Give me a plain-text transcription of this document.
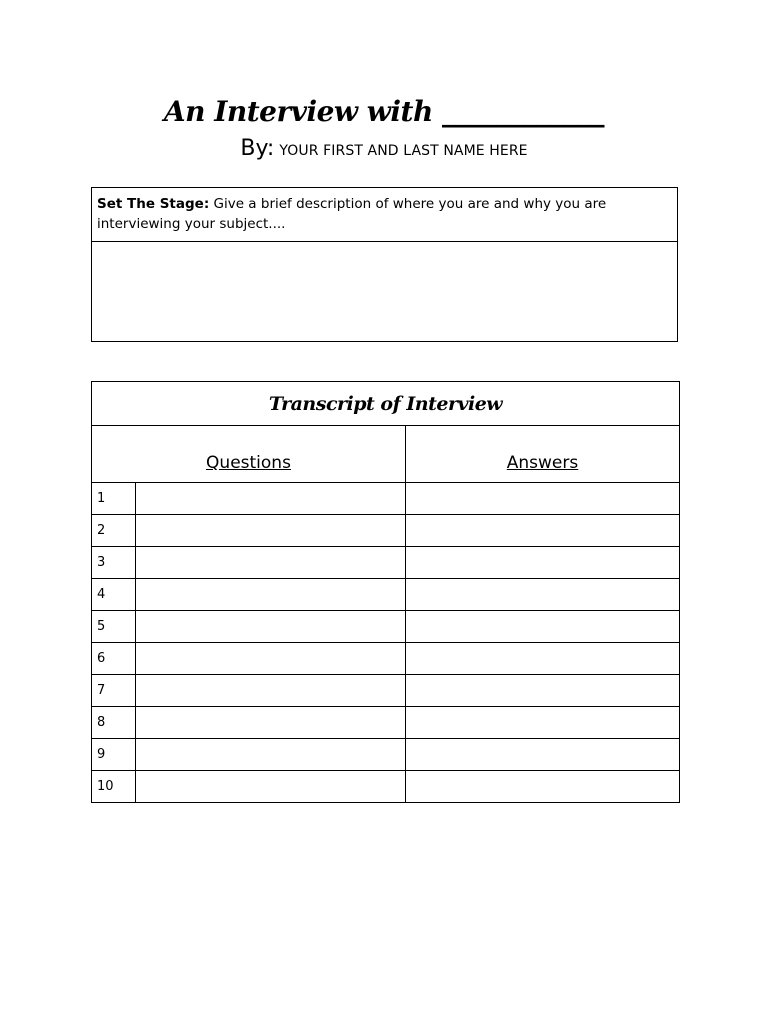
An Interview with ____________
By: YOUR FIRST AND LAST NAME HERE
Set The Stage: Give a brief description of where you are and why you are interviewing your subject....
Transcript of Interview		
Questions		Answers
1		
2		
3		
4		
5		
6		
7		
8		
9		
10		
